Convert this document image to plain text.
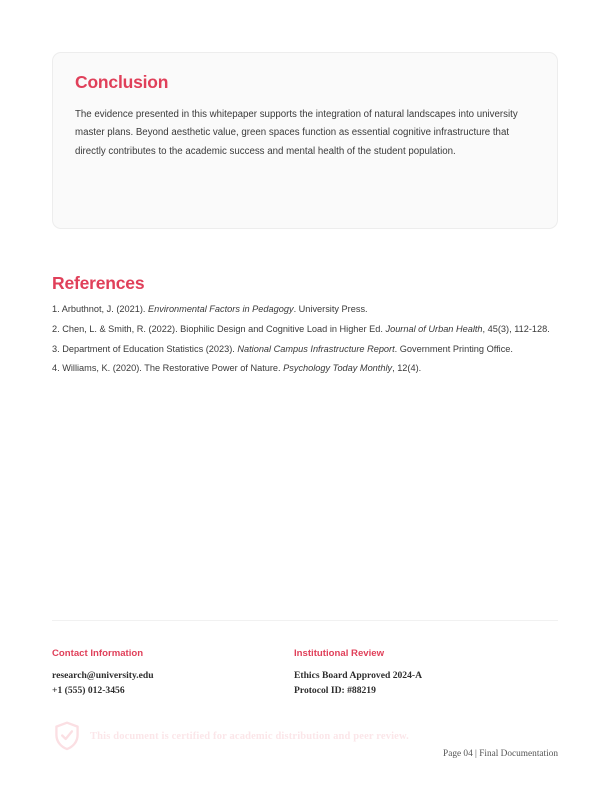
Conclusion

The evidence presented in this whitepaper supports the integration of natural landscapes into university master plans. Beyond aesthetic value, green spaces function as essential cognitive infrastructure that directly contributes to the academic success and mental health of the student population.

References
1. Arbuthnot, J. (2021). Environmental Factors in Pedagogy. University Press.
2. Chen, L. & Smith, R. (2022). Biophilic Design and Cognitive Load in Higher Ed. Journal of Urban Health, 45(3), 112-128.
3. Department of Education Statistics (2023). National Campus Infrastructure Report. Government Printing Office.
4. Williams, K. (2020). The Restorative Power of Nature. Psychology Today Monthly, 12(4).
Contact Information
research@university.edu
+1 (555) 012-3456
Institutional Review
Ethics Board Approved 2024-A
Protocol ID: #88219
This document is certified for academic distribution and peer review.
Page 04 | Final Documentation
